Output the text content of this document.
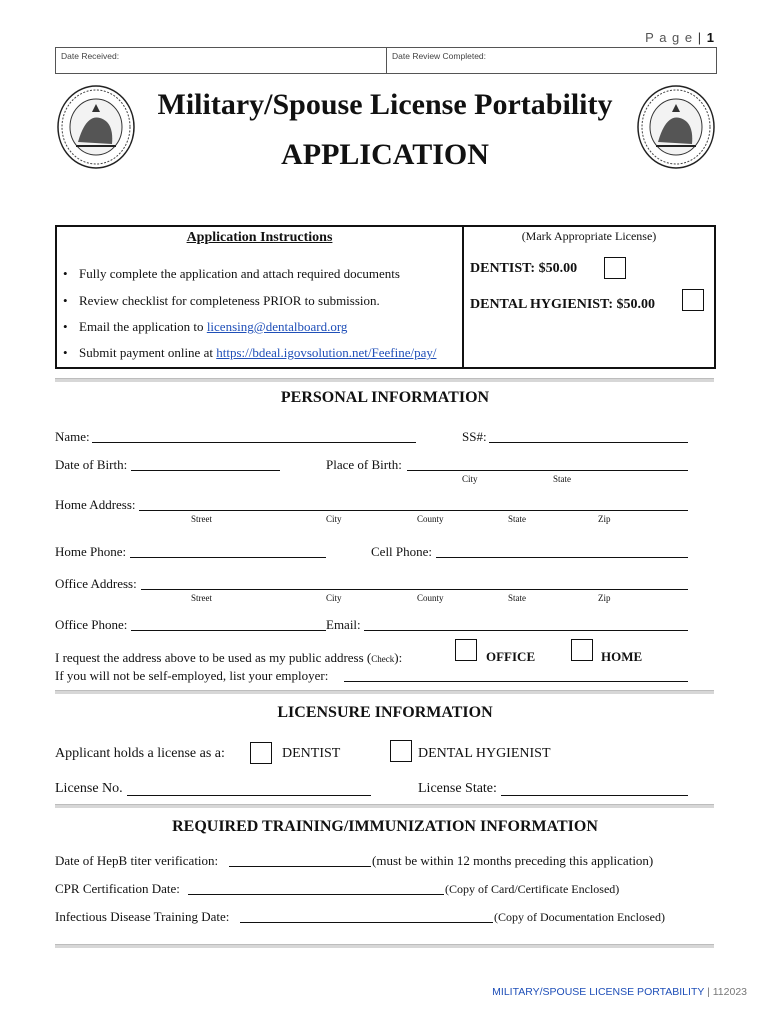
P a g e | 1
Date Received:	Date Review Completed:
Military/Spouse License Portability
APPLICATION
Application Instructions
• Fully complete the application and attach required documents
• Review checklist for completeness PRIOR to submission.
• Email the application to licensing@dentalboard.org
• Submit payment online at https://bdeal.igovsolution.net/Feefine/pay/
(Mark Appropriate License)
DENTIST: $50.00
DENTAL HYGIENIST: $50.00
PERSONAL INFORMATION
Name:	SS#:
Date of Birth:	Place of Birth:
City	State
Home Address:
Street	City	County	State	Zip
Home Phone:	Cell Phone:
Office Address:
Street	City	County	State	Zip
Office Phone:	Email:
I request the address above to be used as my public address (Check):	OFFICE	HOME
If you will not be self-employed, list your employer:
LICENSURE INFORMATION
Applicant holds a license as a:	DENTIST	DENTAL HYGIENIST
License No.	License State:
REQUIRED TRAINING/IMMUNIZATION INFORMATION
Date of HepB titer verification:	(must be within 12 months preceding this application)
CPR Certification Date:	(Copy of Card/Certificate Enclosed)
Infectious Disease Training Date:	(Copy of Documentation Enclosed)
MILITARY/SPOUSE LICENSE PORTABILITY | 112023
